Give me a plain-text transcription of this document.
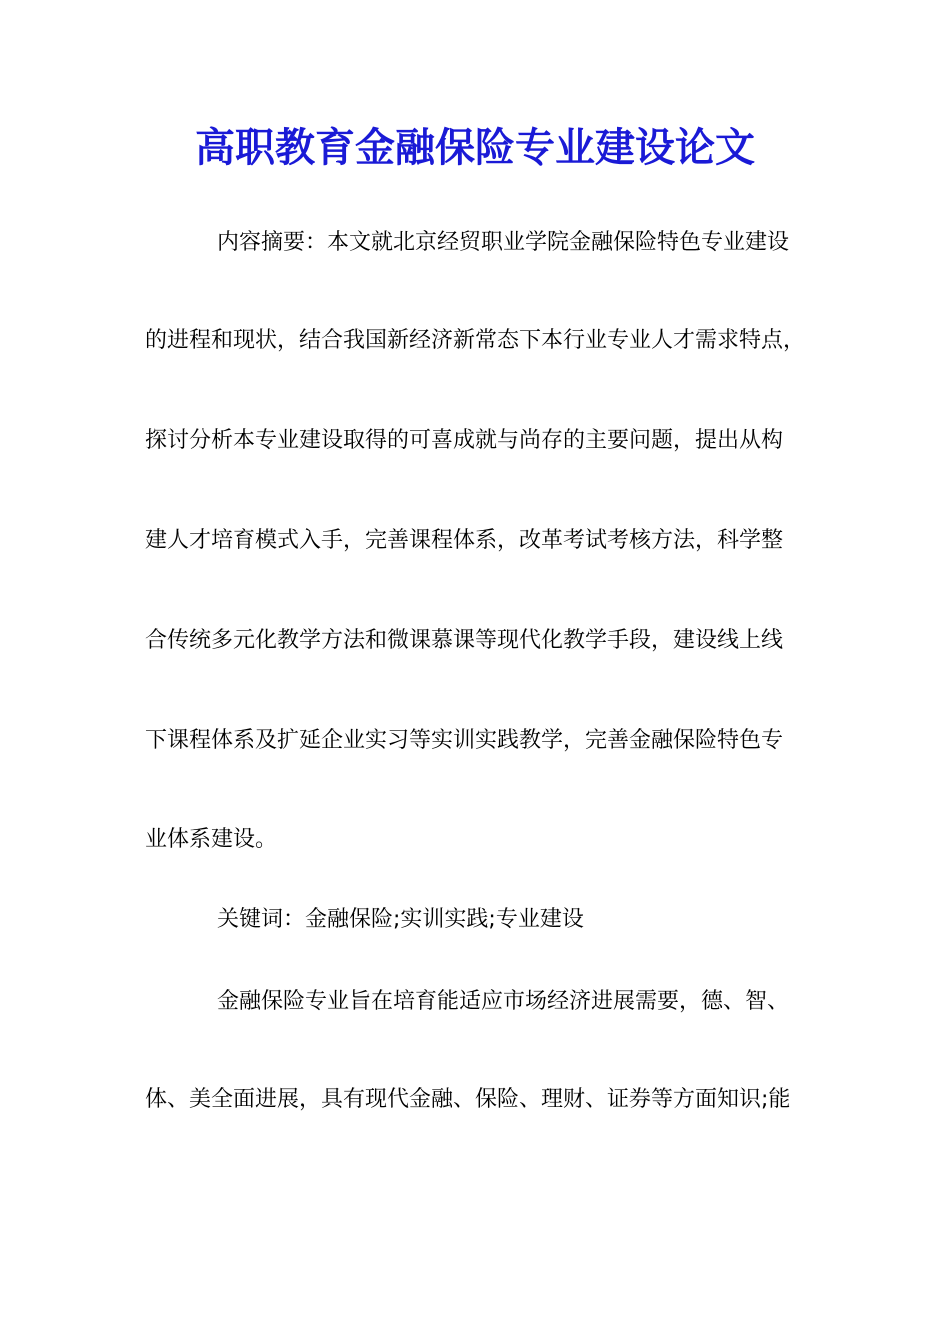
高职教育金融保险专业建设论文

内容摘要：本文就北京经贸职业学院金融保险特色专业建设

的进程和现状，结合我国新经济新常态下本行业专业人才需求特点，

探讨分析本专业建设取得的可喜成就与尚存的主要问题，提出从构

建人才培育模式入手，完善课程体系，改革考试考核方法，科学整

合传统多元化教学方法和微课慕课等现代化教学手段，建设线上线

下课程体系及扩延企业实习等实训实践教学，完善金融保险特色专

业体系建设。

关键词：金融保险;实训实践;专业建设

金融保险专业旨在培育能适应市场经济进展需要，德、智、

体、美全面进展，具有现代金融、保险、理财、证券等方面知识;能
